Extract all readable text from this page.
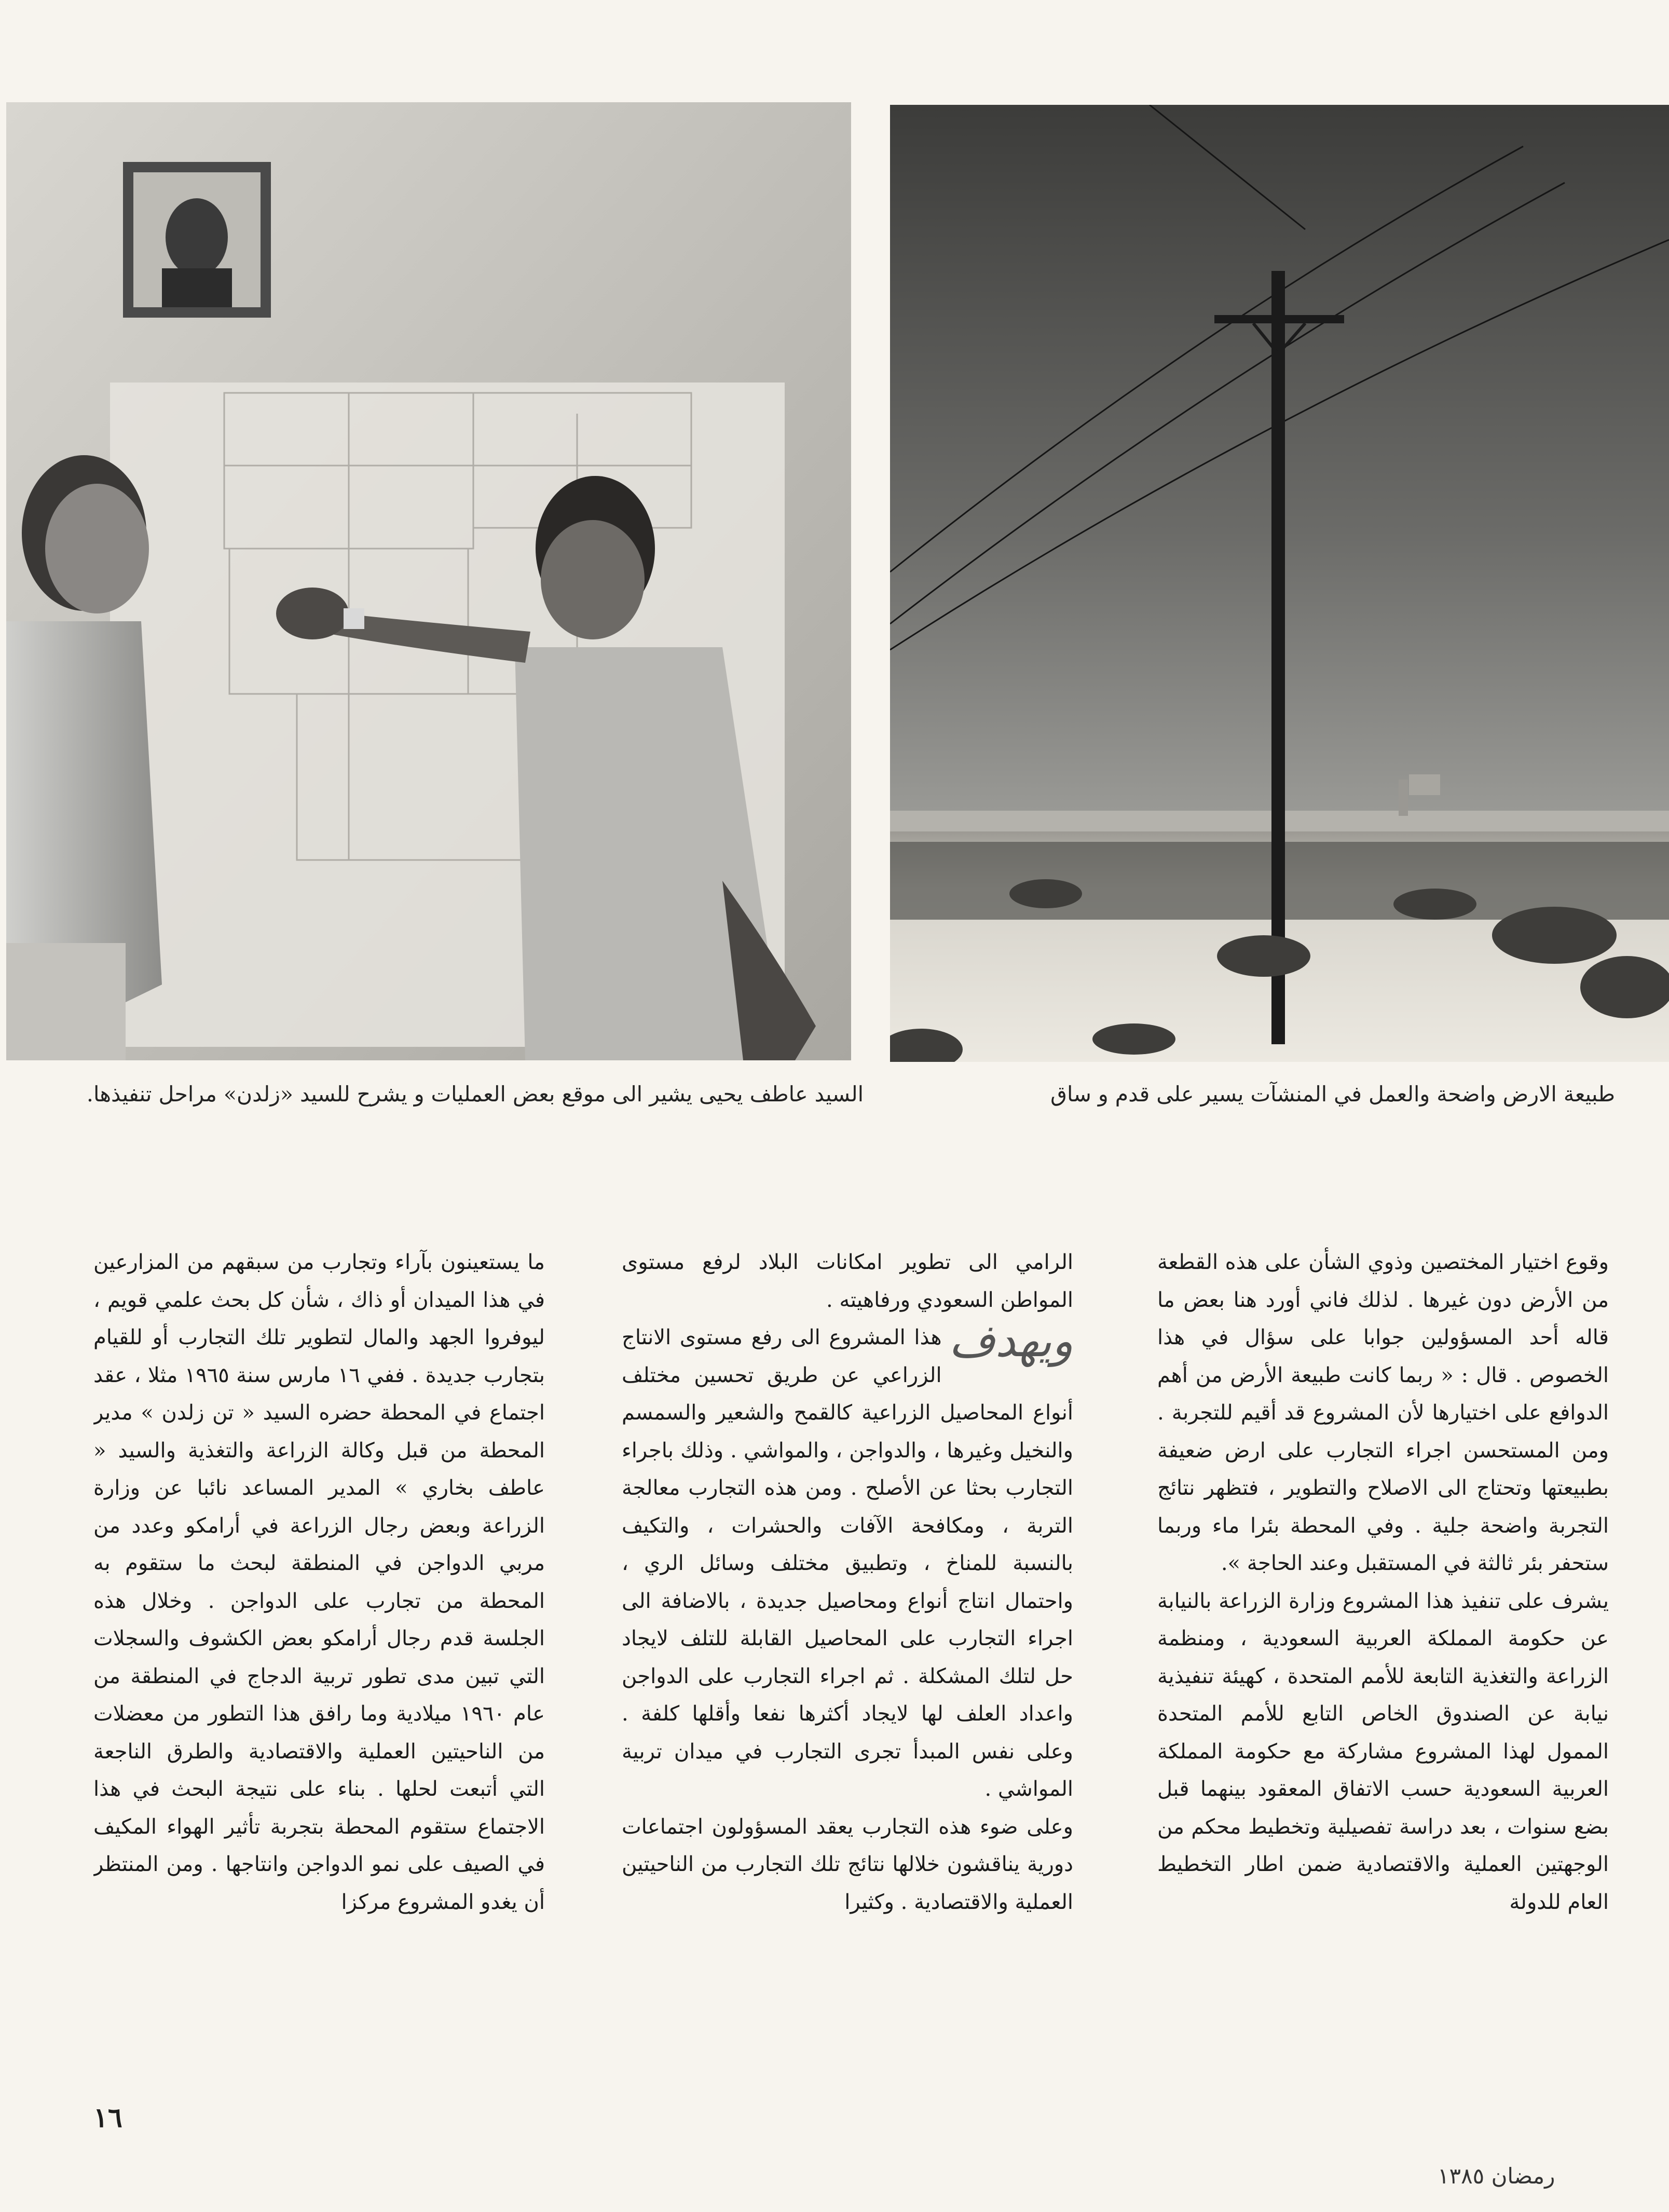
طبيعة الارض واضحة والعمل في المنشآت يسير على قدم و ساق
السيد عاطف يحيى يشير الى موقع بعض العمليات و يشرح للسيد «زلدن» مراحل تنفيذها.

وقوع اختيار المختصين وذوي الشأن على هذه القطعة من الأرض دون غيرها . لذلك فاني أورد هنا بعض ما قاله أحد المسؤولين جوابا على سؤال في هذا الخصوص . قال : « ربما كانت طبيعة الأرض من أهم الدوافع على اختيارها لأن المشروع قد أقيم للتجربة . ومن المستحسن اجراء التجارب على ارض ضعيفة بطبيعتها وتحتاج الى الاصلاح والتطوير ، فتظهر نتائج التجربة واضحة جلية . وفي المحطة بئرا ماء وربما ستحفر بئر ثالثة في المستقبل وعند الحاجة ».

يشرف على تنفيذ هذا المشروع وزارة الزراعة بالنيابة عن حكومة المملكة العربية السعودية ، ومنظمة الزراعة والتغذية التابعة للأمم المتحدة ، كهيئة تنفيذية نيابة عن الصندوق الخاص التابع للأمم المتحدة الممول لهذا المشروع مشاركة مع حكومة المملكة العربية السعودية حسب الاتفاق المعقود بينهما قبل بضع سنوات ، بعد دراسة تفصيلية وتخطيط محكم من الوجهتين العملية والاقتصادية ضمن اطار التخطيط العام للدولة

الرامي الى تطوير امكانات البلاد لرفع مستوى المواطن السعودي ورفاهيته .

ويهدف
هذا المشروع الى رفع مستوى الانتاج الزراعي عن طريق تحسين مختلف أنواع المحاصيل الزراعية كالقمح والشعير والسمسم والنخيل وغيرها ، والدواجن ، والمواشي . وذلك باجراء التجارب بحثا عن الأصلح . ومن هذه التجارب معالجة التربة ، ومكافحة الآفات والحشرات ، والتكيف بالنسبة للمناخ ، وتطبيق مختلف وسائل الري ، واحتمال انتاج أنواع ومحاصيل جديدة ، بالاضافة الى اجراء التجارب على المحاصيل القابلة للتلف لايجاد حل لتلك المشكلة . ثم اجراء التجارب على الدواجن واعداد العلف لها لايجاد أكثرها نفعا وأقلها كلفة . وعلى نفس المبدأ تجرى التجارب في ميدان تربية المواشي .

وعلى ضوء هذه التجارب يعقد المسؤولون اجتماعات دورية يناقشون خلالها نتائج تلك التجارب من الناحيتين العملية والاقتصادية . وكثيرا

ما يستعينون بآراء وتجارب من سبقهم من المزارعين في هذا الميدان أو ذاك ، شأن كل بحث علمي قويم ، ليوفروا الجهد والمال لتطوير تلك التجارب أو للقيام بتجارب جديدة . ففي ١٦ مارس سنة ١٩٦٥ مثلا ، عقد اجتماع في المحطة حضره السيد « تن زلدن » مدير المحطة من قبل وكالة الزراعة والتغذية والسيد « عاطف بخاري » المدير المساعد نائبا عن وزارة الزراعة وبعض رجال الزراعة في أرامكو وعدد من مربي الدواجن في المنطقة لبحث ما ستقوم به المحطة من تجارب على الدواجن . وخلال هذه الجلسة قدم رجال أرامكو بعض الكشوف والسجلات التي تبين مدى تطور تربية الدجاج في المنطقة من عام ١٩٦٠ ميلادية وما رافق هذا التطور من معضلات من الناحيتين العملية والاقتصادية والطرق الناجعة التي أتبعت لحلها . بناء على نتيجة البحث في هذا الاجتماع ستقوم المحطة بتجربة تأثير الهواء المكيف في الصيف على نمو الدواجن وانتاجها . ومن المنتظر أن يغدو المشروع مركزا

١٦
رمضان ١٣٨٥
